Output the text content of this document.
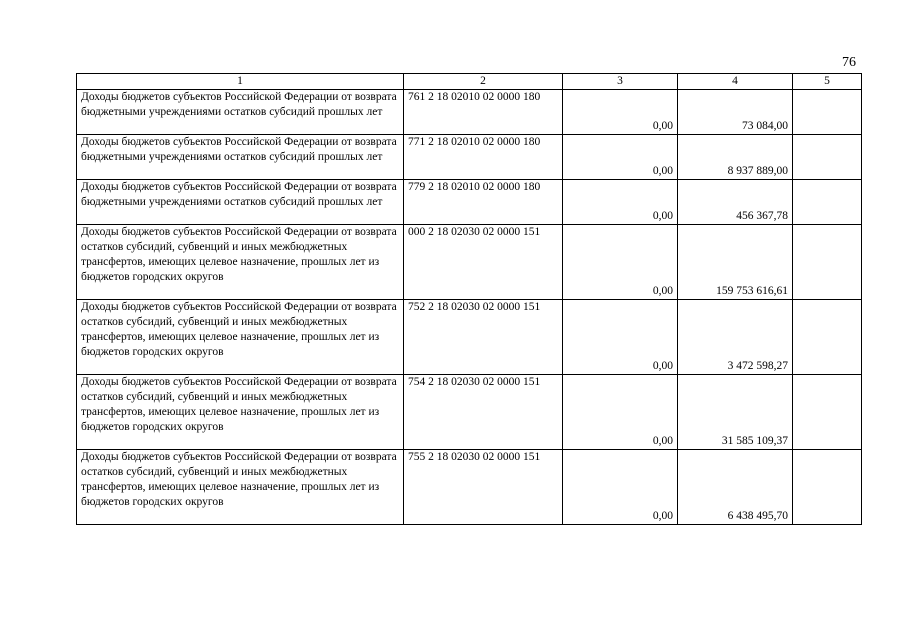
76
1	2	3	4	5
Доходы бюджетов субъектов Российской Федерации от возврата бюджетными учреждениями остатков субсидий прошлых лет	761 2 18 02010 02 0000 180	0,00	73 084,00	
Доходы бюджетов субъектов Российской Федерации от возврата бюджетными учреждениями остатков субсидий прошлых лет	771 2 18 02010 02 0000 180	0,00	8 937 889,00	
Доходы бюджетов субъектов Российской Федерации от возврата бюджетными учреждениями остатков субсидий прошлых лет	779 2 18 02010 02 0000 180	0,00	456 367,78	
Доходы бюджетов субъектов Российской Федерации от возврата остатков субсидий, субвенций и иных межбюджетных трансфертов, имеющих целевое назначение, прошлых лет из бюджетов городских округов	000 2 18 02030 02 0000 151	0,00	159 753 616,61	
Доходы бюджетов субъектов Российской Федерации от возврата остатков субсидий, субвенций и иных межбюджетных трансфертов, имеющих целевое назначение, прошлых лет из бюджетов городских округов	752 2 18 02030 02 0000 151	0,00	3 472 598,27	
Доходы бюджетов субъектов Российской Федерации от возврата остатков субсидий, субвенций и иных межбюджетных трансфертов, имеющих целевое назначение, прошлых лет из бюджетов городских округов	754 2 18 02030 02 0000 151	0,00	31 585 109,37	
Доходы бюджетов субъектов Российской Федерации от возврата остатков субсидий, субвенций и иных межбюджетных трансфертов, имеющих целевое назначение, прошлых лет из бюджетов городских округов	755 2 18 02030 02 0000 151	0,00	6 438 495,70	
